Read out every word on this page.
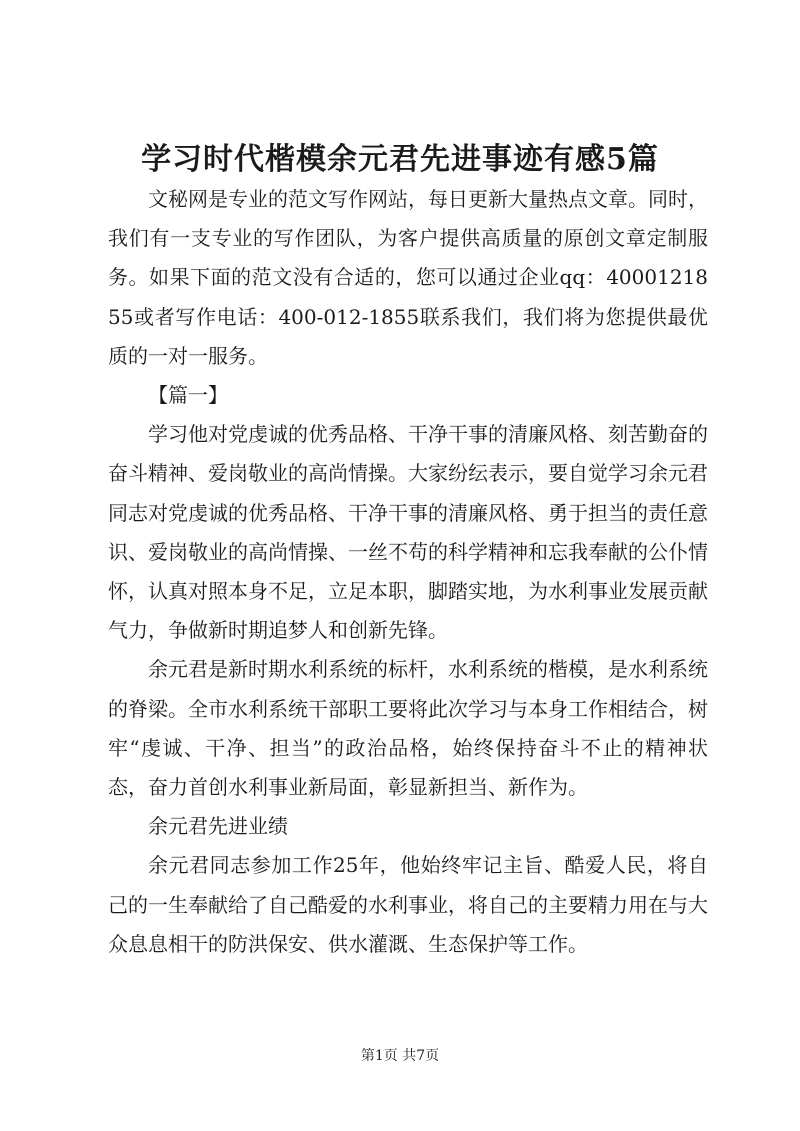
学习时代楷模余元君先进事迹有感5篇

文秘网是专业的范文写作网站，每日更新大量热点文章。同时，我们有一支专业的写作团队，为客户提供高质量的原创文章定制服务。如果下面的范文没有合适的，您可以通过企业qq：4000121855或者写作电话：400-012-1855联系我们，我们将为您提供最优质的一对一服务。

【篇一】

学习他对党虔诚的优秀品格、干净干事的清廉风格、刻苦勤奋的奋斗精神、爱岗敬业的高尚情操。大家纷纭表示，要自觉学习余元君同志对党虔诚的优秀品格、干净干事的清廉风格、勇于担当的责任意识、爱岗敬业的高尚情操、一丝不苟的科学精神和忘我奉献的公仆情怀，认真对照本身不足，立足本职，脚踏实地，为水利事业发展贡献气力，争做新时期追梦人和创新先锋。

余元君是新时期水利系统的标杆，水利系统的楷模，是水利系统的脊梁。全市水利系统干部职工要将此次学习与本身工作相结合，树牢“虔诚、干净、担当”的政治品格，始终保持奋斗不止的精神状态，奋力首创水利事业新局面，彰显新担当、新作为。

余元君先进业绩

余元君同志参加工作25年，他始终牢记主旨、酷爱人民，将自己的一生奉献给了自己酷爱的水利事业，将自己的主要精力用在与大众息息相干的防洪保安、供水灌溉、生态保护等工作。

第1页 共7页
